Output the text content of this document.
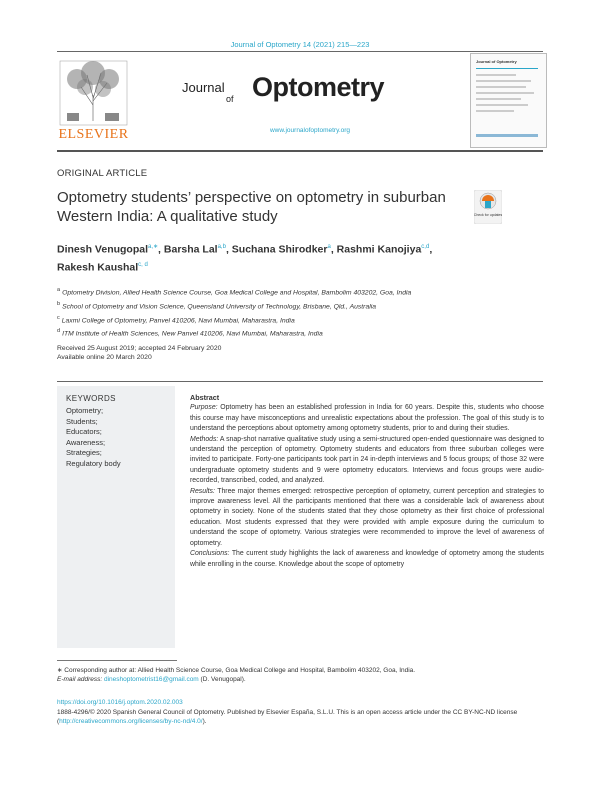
Journal of Optometry 14 (2021) 215—223
ELSEVIER
Journal
of Optometry
www.journalofoptometry.org
Journal of Optometry
ORIGINAL ARTICLE
Optometry students’ perspective on optometry in suburban Western India: A qualitative study	Check for updates
Dinesh Venugopal$^{a,∗}$, Barsha Lal$^{a,b}$, Suchana Shirodker$^a$, Rashmi Kanojiya$^{c,d}$,
Rakesh Kaushal$^{c, d}$
$^a$ Optometry Division, Allied Health Science Course, Goa Medical College and Hospital, Bambolim 403202, Goa, India
$^b$ School of Optometry and Vision Science, Queensland University of Technology, Brisbane, Qld., Australia
$^c$ Laxmi College of Optometry, Panvel 410206, Navi Mumbai, Maharastra, India
$^d$ ITM Institute of Health Sciences, New Panvel 410206, Navi Mumbai, Maharastra, India
Received 25 August 2019; accepted 24 February 2020
Available online 20 March 2020
KEYWORDS
Optometry;
Students;
Educators;
Awareness;
Strategies;
Regulatory body
Abstract
Purpose: Optometry has been an established profession in India for 60 years. Despite this, students who choose this course may have misconceptions and unrealistic expectations about the profession. The goal of this study is to understand the perceptions about optometry among optometry students, prior to and during their studies.
Methods: A snap-shot narrative qualitative study using a semi-structured open-ended questionnaire was designed to understand the perception of optometry. Optometry students and educators from three suburban colleges were invited to participate. Forty-one participants took part in 24 in-depth interviews and 5 focus groups; of those 32 were undergraduate optometry students and 9 were optometry educators. Interviews and focus groups were audio-recorded, transcribed, coded, and analyzed.
Results: Three major themes emerged: retrospective perception of optometry, current perception and strategies to improve awareness level. All the participants mentioned that there was a considerable lack of awareness about optometry in society. None of the students stated that they chose optometry as their first choice of professional education. Most students expressed that they were provided with ample exposure during the curriculum to understand the scope of optometry. Various strategies were recommended to improve the level of awareness of optometry.
Conclusions: The current study highlights the lack of awareness and knowledge of optometry among the students while enrolling in the course. Knowledge about the scope of optometry
∗ Corresponding author at: Allied Health Science Course, Goa Medical College and Hospital, Bambolim 403202, Goa, India.
E-mail address: dineshoptometrist16@gmail.com (D. Venugopal).
https://doi.org/10.1016/j.optom.2020.02.003
1888-4296/© 2020 Spanish General Council of Optometry. Published by Elsevier España, S.L.U. This is an open access article under the CC BY-NC-ND license (http://creativecommons.org/licenses/by-nc-nd/4.0/).
